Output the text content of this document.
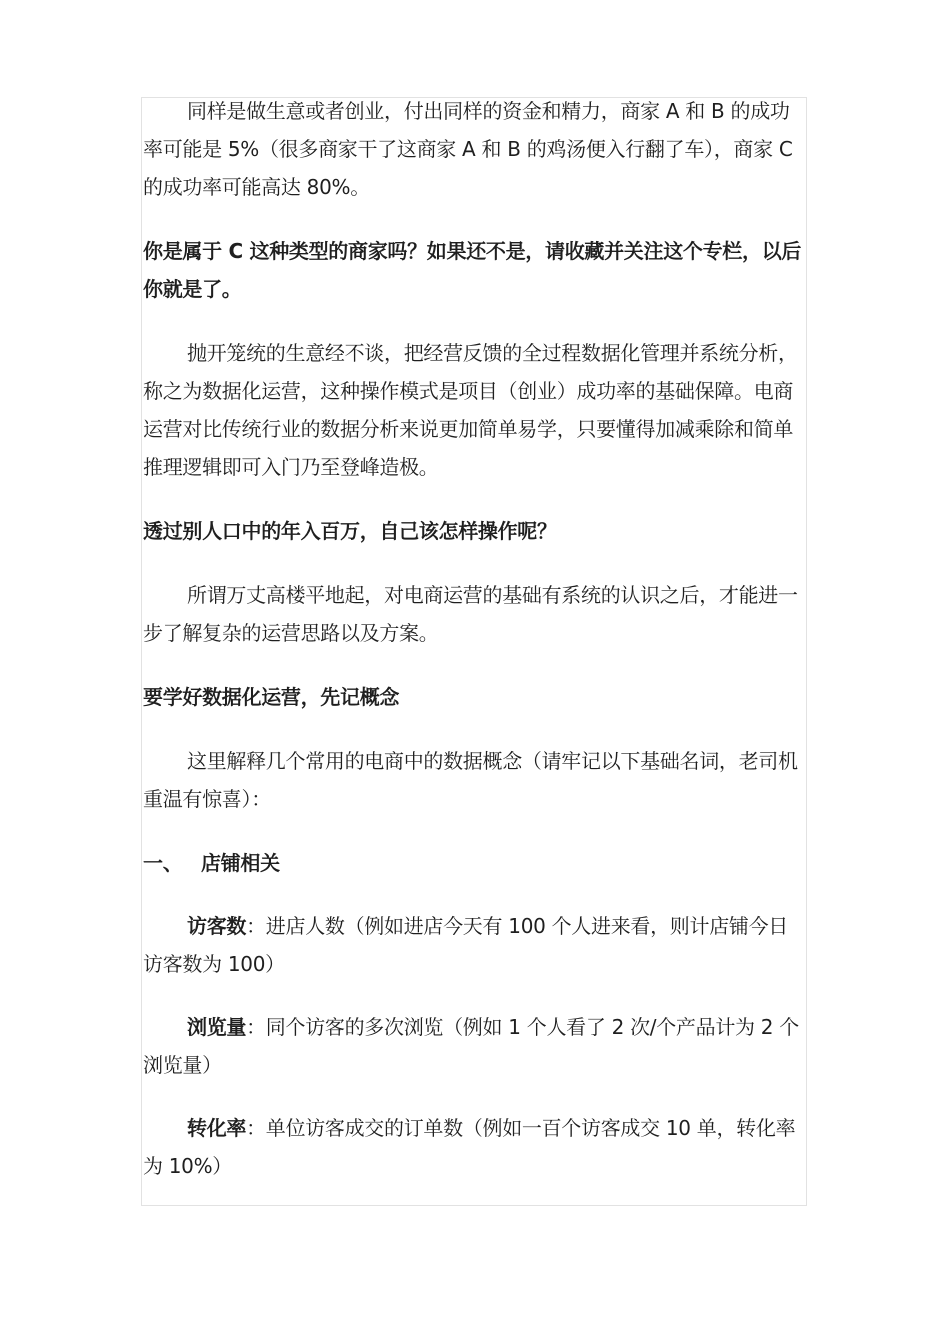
同样是做生意或者创业，付出同样的资金和精力，商家 A 和 B 的成功率可能是 5%（很多商家干了这商家 A 和 B 的鸡汤便入行翻了车），商家 C 的成功率可能高达 80%。

你是属于 C 这种类型的商家吗？如果还不是，请收藏并关注这个专栏，以后你就是了。

抛开笼统的生意经不谈，把经营反馈的全过程数据化管理并系统分析，称之为数据化运营，这种操作模式是项目（创业）成功率的基础保障。电商运营对比传统行业的数据分析来说更加简单易学，只要懂得加减乘除和简单推理逻辑即可入门乃至登峰造极。

透过别人口中的年入百万，自己该怎样操作呢？

所谓万丈高楼平地起，对电商运营的基础有系统的认识之后，才能进一步了解复杂的运营思路以及方案。

要学好数据化运营，先记概念

这里解释几个常用的电商中的数据概念（请牢记以下基础名词，老司机重温有惊喜）：

一、 店铺相关

访客数：进店人数（例如进店今天有 100 个人进来看，则计店铺今日访客数为 100）

浏览量：同个访客的多次浏览（例如 1 个人看了 2 次/个产品计为 2 个浏览量）

转化率：单位访客成交的订单数（例如一百个访客成交 10 单，转化率为 10%）
